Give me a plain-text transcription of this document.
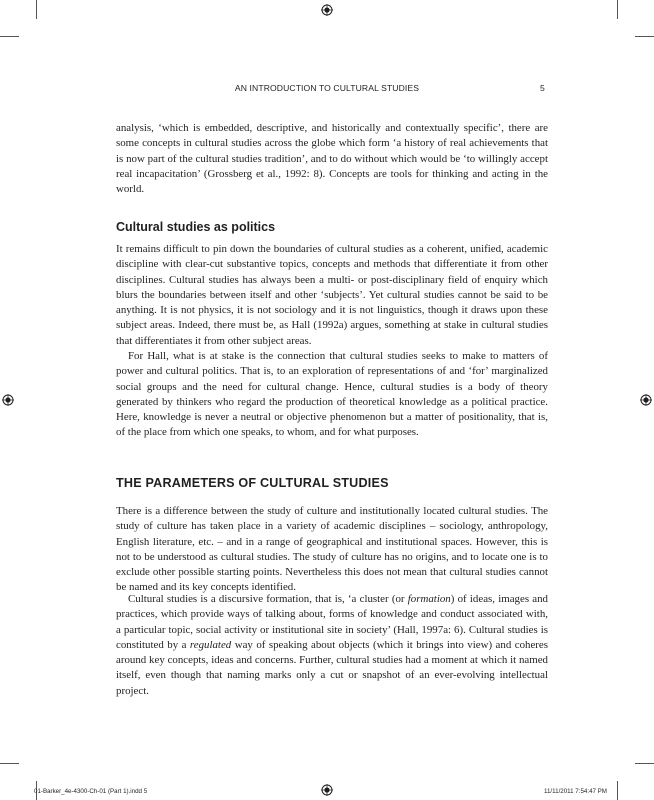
AN INTRODUCTION TO CULTURAL STUDIES	5
analysis, ‘which is embedded, descriptive, and historically and contextually specific’, there are some concepts in cultural studies across the globe which form ‘a history of real achievements that is now part of the cultural studies tradition’, and to do without which would be ‘to willingly accept real incapacitation’ (Grossberg et al., 1992: 8). Concepts are tools for thinking and acting in the world.
Cultural studies as politics
It remains difficult to pin down the boundaries of cultural studies as a coherent, unified, academic discipline with clear-cut substantive topics, concepts and methods that differentiate it from other disciplines. Cultural studies has always been a multi- or post-disciplinary field of enquiry which blurs the boundaries between itself and other ‘subjects’. Yet cultural studies cannot be said to be anything. It is not physics, it is not sociology and it is not linguistics, though it draws upon these subject areas. Indeed, there must be, as Hall (1992a) argues, something at stake in cultural studies that differentiates it from other subject areas.
For Hall, what is at stake is the connection that cultural studies seeks to make to matters of power and cultural politics. That is, to an exploration of representations of and ‘for’ marginalized social groups and the need for cultural change. Hence, cultural studies is a body of theory generated by thinkers who regard the production of theoretical knowledge as a political practice. Here, knowledge is never a neutral or objective phenomenon but a matter of positionality, that is, of the place from which one speaks, to whom, and for what purposes.
THE PARAMETERS OF CULTURAL STUDIES
There is a difference between the study of culture and institutionally located cultural studies. The study of culture has taken place in a variety of academic disciplines – sociology, anthropology, English literature, etc. – and in a range of geographical and institutional spaces. However, this is not to be understood as cultural studies. The study of culture has no origins, and to locate one is to exclude other possible starting points. Nevertheless this does not mean that cultural studies cannot be named and its key concepts identified.
Cultural studies is a discursive formation, that is, ‘a cluster (or formation) of ideas, images and practices, which provide ways of talking about, forms of knowledge and conduct associated with, a particular topic, social activity or institutional site in society’ (Hall, 1997a: 6). Cultural studies is constituted by a regulated way of speaking about objects (which it brings into view) and coheres around key concepts, ideas and concerns. Further, cultural studies had a moment at which it named itself, even though that naming marks only a cut or snapshot of an ever-evolving intellectual project.
01-Barker_4e-4300-Ch-01 (Part 1).indd 5	11/11/2011 7:54:47 PM
